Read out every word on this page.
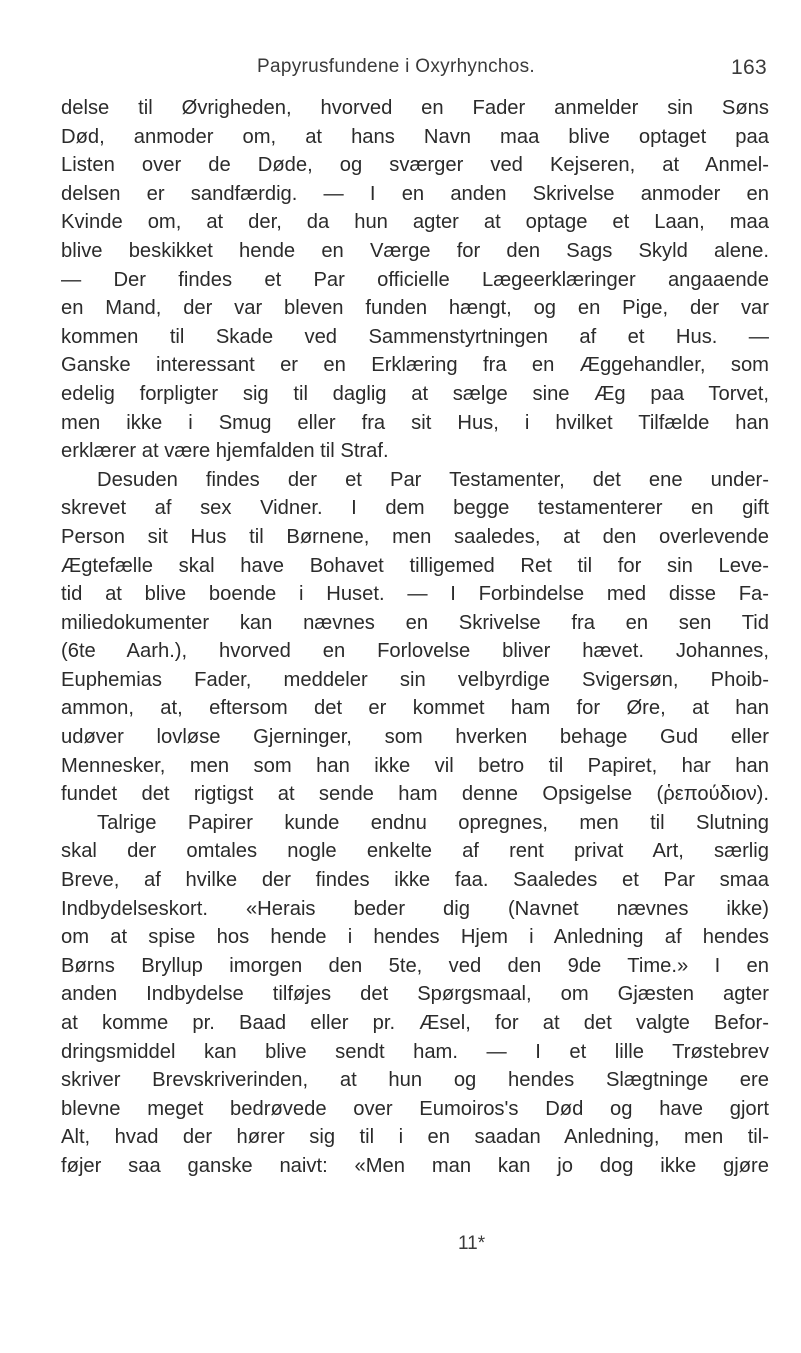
Papyrusfundene i Oxyrhynchos.	163
delse til Øvrigheden, hvorved en Fader anmelder sin Søns
Død, anmoder om, at hans Navn maa blive optaget paa
Listen over de Døde, og sværger ved Kejseren, at Anmel-
delsen er sandfærdig. — I en anden Skrivelse anmoder en
Kvinde om, at der, da hun agter at optage et Laan, maa
blive beskikket hende en Værge for den Sags Skyld alene.
— Der findes et Par officielle Lægeerklæringer angaaende
en Mand, der var bleven funden hængt, og en Pige, der var
kommen til Skade ved Sammenstyrtningen af et Hus. —
Ganske interessant er en Erklæring fra en Æggehandler, som
edelig forpligter sig til daglig at sælge sine Æg paa Torvet,
men ikke i Smug eller fra sit Hus, i hvilket Tilfælde han
erklærer at være hjemfalden til Straf.
Desuden findes der et Par Testamenter, det ene under-
skrevet af sex Vidner. I dem begge testamenterer en gift
Person sit Hus til Børnene, men saaledes, at den overlevende
Ægtefælle skal have Bohavet tilligemed Ret til for sin Leve-
tid at blive boende i Huset. — I Forbindelse med disse Fa-
miliedokumenter kan nævnes en Skrivelse fra en sen Tid
(6te Aarh.), hvorved en Forlovelse bliver hævet. Johannes,
Euphemias Fader, meddeler sin velbyrdige Svigersøn, Phoib-
ammon, at, eftersom det er kommet ham for Øre, at han
udøver lovløse Gjerninger, som hverken behage Gud eller
Mennesker, men som han ikke vil betro til Papiret, har han
fundet det rigtigst at sende ham denne Opsigelse (ῥεπούδιον).
Talrige Papirer kunde endnu opregnes, men til Slutning
skal der omtales nogle enkelte af rent privat Art, særlig
Breve, af hvilke der findes ikke faa. Saaledes et Par smaa
Indbydelseskort. «Herais beder dig (Navnet nævnes ikke)
om at spise hos hende i hendes Hjem i Anledning af hendes
Børns Bryllup imorgen den 5te, ved den 9de Time.» I en
anden Indbydelse tilføjes det Spørgsmaal, om Gjæsten agter
at komme pr. Baad eller pr. Æsel, for at det valgte Befor-
dringsmiddel kan blive sendt ham. — I et lille Trøstebrev
skriver Brevskriverinden, at hun og hendes Slægtninge ere
blevne meget bedrøvede over Eumoiros's Død og have gjort
Alt, hvad der hører sig til i en saadan Anledning, men til-
føjer saa ganske naivt: «Men man kan jo dog ikke gjøre
11*
